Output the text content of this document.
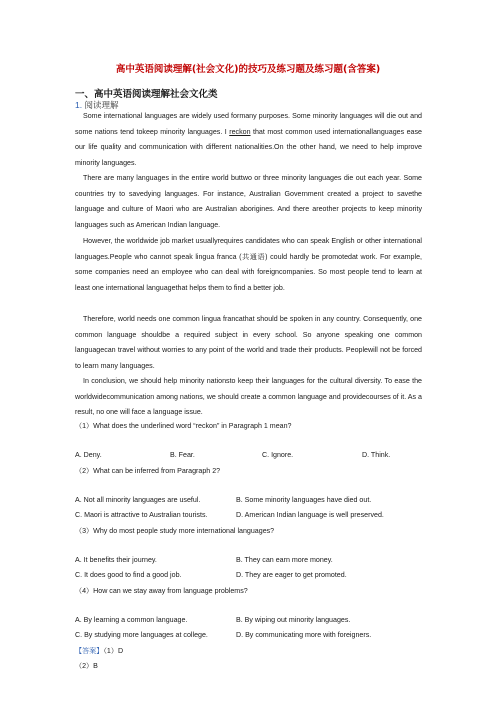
高中英语阅读理解(社会文化)的技巧及练习题及练习题(含答案)
一、高中英语阅读理解社会文化类
1. 阅读理解
Some international languages are widely used formany purposes. Some minority languages will die out and some nations tend tokeep minority languages. I reckon that most common used internationallanguages ease our life quality and communication with different nationalities.On the other hand, we need to help improve minority languages.
There are many languages in the entire world buttwo or three minority languages die out each year. Some countries try to savedying languages. For instance, Australian Government created a project to savethe language and culture of Maori who are Australian aborigines. And there areother projects to keep minority languages such as American Indian language.
However, the worldwide job market usuallyrequires candidates who can speak English or other international languages.People who cannot speak lingua franca (共通语) could hardly be promotedat work. For example, some companies need an employee who can deal with foreigncompanies. So most people tend to learn at least one international languagethat helps them to find a better job.
Therefore, world needs one common lingua francathat should be spoken in any country. Consequently, one common language shouldbe a required subject in every school. So anyone speaking one common languagecan travel without worries to any point of the world and trade their products. Peoplewill not be forced to learn many languages.
In conclusion, we should help minority nationsto keep their languages for the cultural diversity. To ease the worldwidecommunication among nations, we should create a common language and providecourses of it. As a result, no one will face a language issue.
（1）What does the underlined word “reckon” in Paragraph 1 mean?
A. Deny.	B. Fear.	C. Ignore.	D. Think.
（2）What can be inferred from Paragraph 2?
A. Not all minority languages are useful.	B. Some minority languages have died out.
C. Maori is attractive to Australian tourists.	D. American Indian language is well preserved.
（3）Why do most people study more international languages?
A. It benefits their journey.	B. They can earn more money.
C. It does good to find a good job.	D. They are eager to get promoted.
（4）How can we stay away from language problems?
A. By learning a common language.	B. By wiping out minority languages.
C. By studying more languages at college.	D. By communicating more with foreigners.
【答案】（1）D
（2）B
